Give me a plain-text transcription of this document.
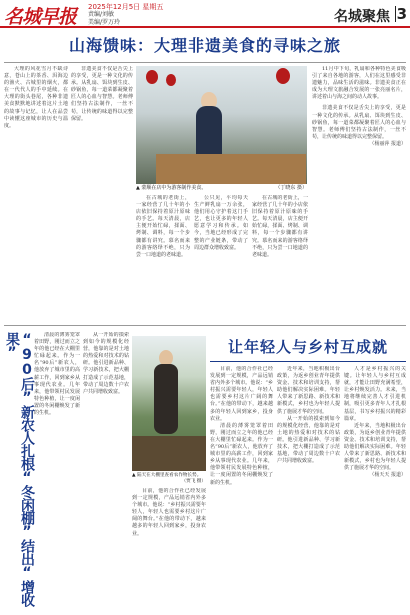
名城早报 2025年12月5日 星期五
责编/刘敏
美编/罗万玲	名城聚焦 3
山海馈味：大理非遗美食的寻味之旅

大理的风花雪月不缺诗意，苍山上的茶香、洱海边的渔火、古城里的烟火，都在一代代人的手中延续。在大理的街头巷尾，各种非遗美食默默地讲述着这片土地的故事与记忆，让人在品尝中读懂这座城市的历史与温度。

非遗美食不仅是舌尖上的享受，更是一种文化的传承。从乳扇、饵块到生皮、砂锅鱼，每一道菜都凝聚着匠人的心血与智慧。老师傅们坚持古法制作，一丝不苟，让传统的味道得以完整保留。

▲ 蒙顺在店中为游客制作美食。	（丁晓东 摄）

在古城的老街上，一家经营了几十年的小店依旧保持着原汁原味的手艺。每天清晨，店主便开始忙碌，揉面、烤制、调料，每一个步骤都有讲究。慕名而来的游客络绎不绝，只为尝一口地道的老味道。

公只见，平均每天生产鲜乳扇一万余张，他们用心守护着这门手艺，也让更多的年轻人愿意学习和传承。如今，当地已经形成了完整的产业链条，带动了周边群众增收致富。

在古城的老街上，一家经营了几十年的小店依旧保持着原汁原味的手艺。每天清晨，店主便开始忙碌，揉面、烤制、调料，每一个步骤都有讲究。慕名而来的游客络绎不绝，只为尝一口地道的老味道。

11月中下旬，乳扇和各种特色美食吸引了来自各地的游客，人们在这里感受非遗魅力，品味生活的滋味。非遗美食正在成为大理文旅融合发展的一张亮丽名片，讲述着山与海之间的动人故事。

非遗美食不仅是舌尖上的享受，更是一种文化的传承。从乳扇、饵块到生皮、砂锅鱼，每一道菜都凝聚着匠人的心血与智慧。老师傅们坚持古法制作，一丝不苟，让传统的味道得以完整保留。

（杨丽萍 报道）

“90后”新农人扎根“冬闲棚”结出“增收果”	清晨的薄雾笼罩着田野，刚过而立之年的他已经在大棚里忙碌起来。作为一名“90后”新农人，他放弃了城市里的高薪工作，回到家乡从事现代农业。几年来，他带领村民发展特色种植，让一度闲置的冬闲棚焕发了新的生机。

从一开始的摸索到如今的规模化经营，他靠的是对土地的热爱和对技术的钻研。他引进新品种、学习新技术，把大棚打造成了示范基地，带动了周边数十户农户共同增收致富。

▲ 陆天在大棚里查看农作物长势。
（贾飞 摄）

目前，他的合作社已经发展到一定规模，产品远销省内外多个城市。他说：“乡村振兴需要年轻人，年轻人也需要乡村这片广阔的舞台。”在他的带动下，越来越多的年轻人回到家乡，投身农业。

让年轻人与乡村互成就

目前，他的合作社已经发展到一定规模，产品远销省内外多个城市。他说：“乡村振兴需要年轻人，年轻人也需要乡村这片广阔的舞台。”在他的带动下，越来越多的年轻人回到家乡，投身农业。

清晨的薄雾笼罩着田野，刚过而立之年的他已经在大棚里忙碌起来。作为一名“90后”新农人，他放弃了城市里的高薪工作，回到家乡从事现代农业。几年来，他带领村民发展特色种植，让一度闲置的冬闲棚焕发了新的生机。

近年来，当地积极出台政策，为返乡创业青年提供资金、技术和培训支持，帮助他们解决实际困难。年轻人带来了新思路、新技术和新模式，乡村也为年轻人提供了施展才华的空间。

从一开始的摸索到如今的规模化经营，他靠的是对土地的热爱和对技术的钻研。他引进新品种、学习新技术，把大棚打造成了示范基地，带动了周边数十户农户共同增收致富。

人才是乡村振兴的关键。让年轻人与乡村互成就，才能让田野充满希望，让乡村焕发活力。未来，当地将继续完善人才引进机制，吸引更多青年人才扎根基层，书写乡村振兴的精彩篇章。

近年来，当地积极出台政策，为返乡创业青年提供资金、技术和培训支持，帮助他们解决实际困难。年轻人带来了新思路、新技术和新模式，乡村也为年轻人提供了施展才华的空间。

（杨天天 报道）
